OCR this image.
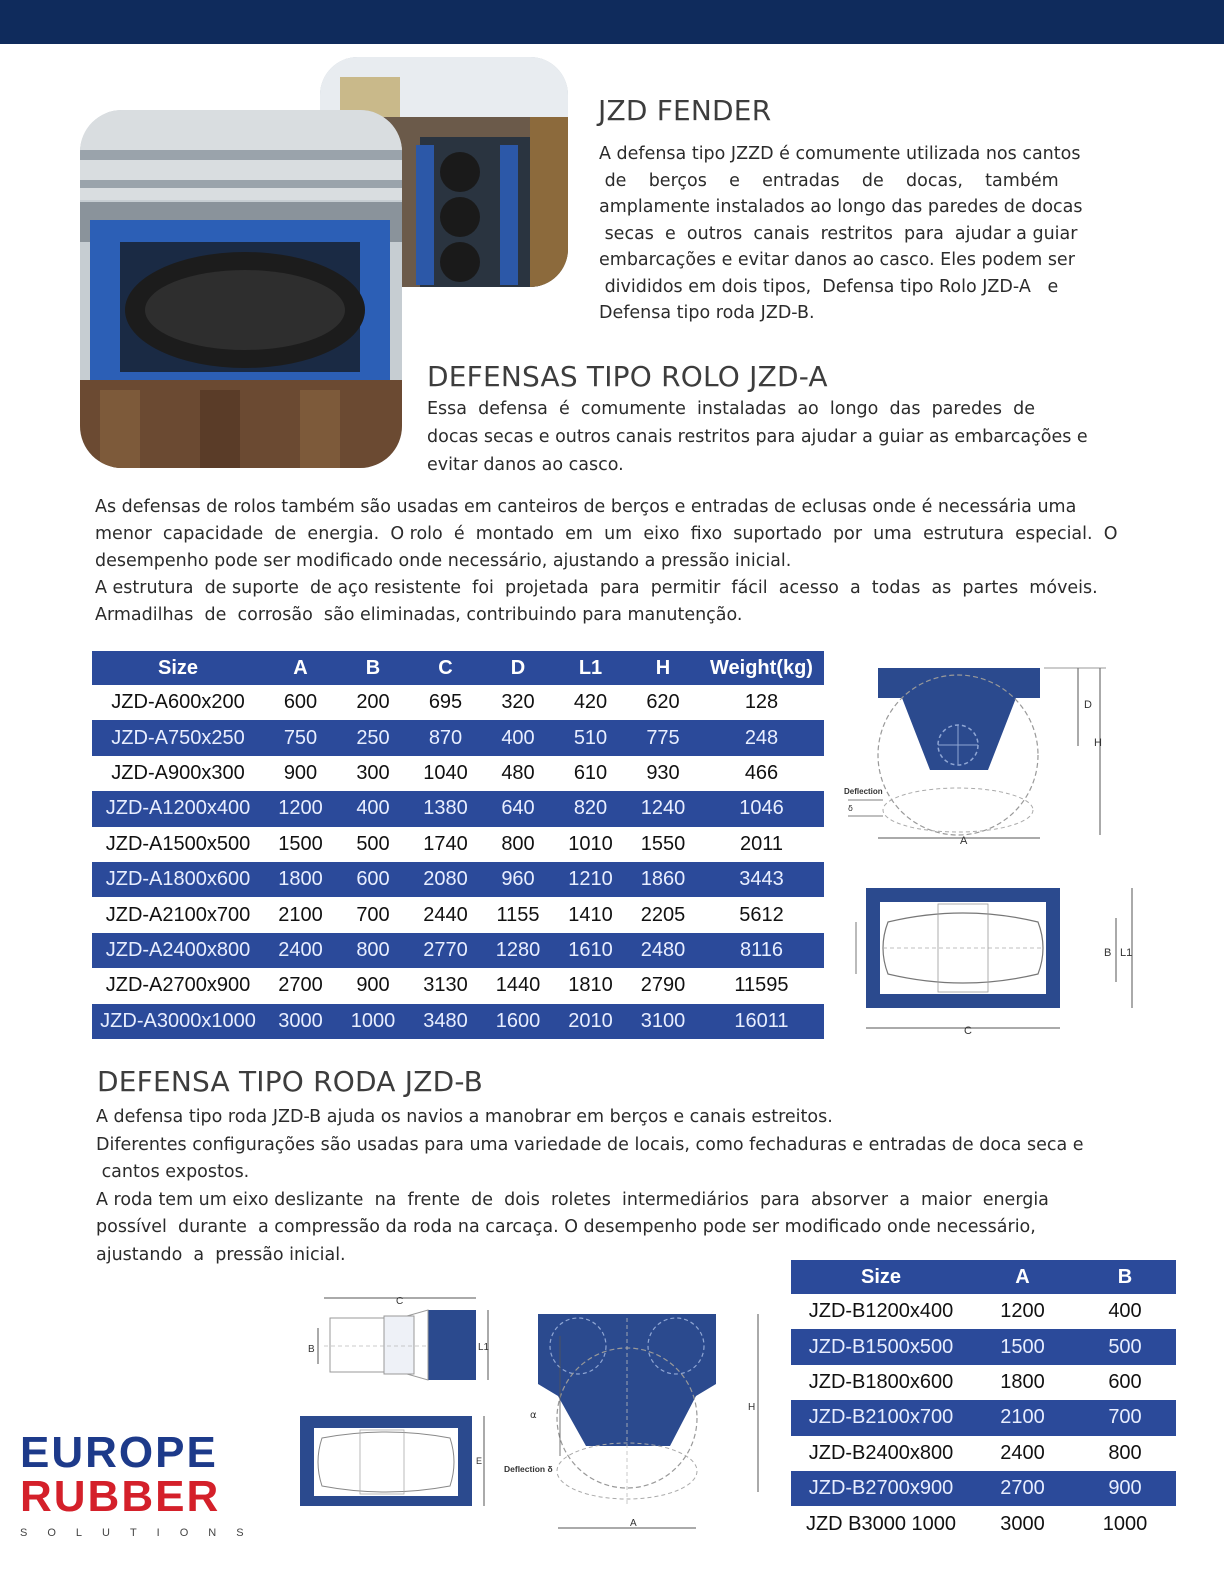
JZD FENDER

A defensa tipo JZZD é comumente utilizada nos cantos

de    berços    e    entradas    de    docas,    também

amplamente instalados ao longo das paredes de docas

secas  e  outros  canais  restritos  para  ajudar a guiar

embarcações e evitar danos ao casco. Eles podem ser

divididos em dois tipos,  Defensa tipo Rolo JZD-A   e

Defensa tipo roda JZD-B.

DEFENSAS TIPO ROLO JZD-A

Essa  defensa  é  comumente  instaladas  ao  longo  das  paredes  de

docas secas e outros canais restritos para ajudar a guiar as embarcações e

evitar danos ao casco.

As defensas de rolos também são usadas em canteiros de berços e entradas de eclusas onde é necessária uma

menor  capacidade  de  energia.  O rolo  é  montado  em  um  eixo  fixo  suportado  por  uma  estrutura  especial.  O

desempenho pode ser modificado onde necessário, ajustando a pressão inicial.

A estrutura  de suporte  de aço resistente  foi  projetada  para  permitir  fácil  acesso  a  todas  as  partes  móveis.

Armadilhas  de  corrosão  são eliminadas, contribuindo para manutenção.

Size	A	B	C	D	L1	H	Weight(kg)
JZD-A600x200	600	200	695	320	420	620	128
JZD-A750x250	750	250	870	400	510	775	248
JZD-A900x300	900	300	1040	480	610	930	466
JZD-A1200x400	1200	400	1380	640	820	1240	1046
JZD-A1500x500	1500	500	1740	800	1010	1550	2011
JZD-A1800x600	1800	600	2080	960	1210	1860	3443
JZD-A2100x700	2100	700	2440	1155	1410	2205	5612
JZD-A2400x800	2400	800	2770	1280	1610	2480	8116
JZD-A2700x900	2700	900	3130	1440	1810	2790	11595
JZD-A3000x1000	3000	1000	3480	1600	2010	3100	16011
D
H
A
Deflection
δ
B L1
C
DEFENSA TIPO RODA JZD-B

A defensa tipo roda JZD-B ajuda os navios a manobrar em berços e canais estreitos.

Diferentes configurações são usadas para uma variedade de locais, como fechaduras e entradas de doca seca e

cantos expostos.

A roda tem um eixo deslizante  na  frente  de  dois  roletes  intermediários  para  absorver  a  maior  energia

possível  durante  a compressão da roda na carcaça. O desempenho pode ser modificado onde necessário,

ajustando  a  pressão inicial.

Size	A	B
JZD-B1200x400	1200	400
JZD-B1500x500	1500	500
JZD-B1800x600	1800	600
JZD-B2100x700	2100	700
JZD-B2400x800	2400	800
JZD-B2700x900	2700	900
JZD B3000 1000	3000	1000
C
B	L1
E
α
Deflection δ
H
A
EUROPE
RUBBER
SOLUTIONS
